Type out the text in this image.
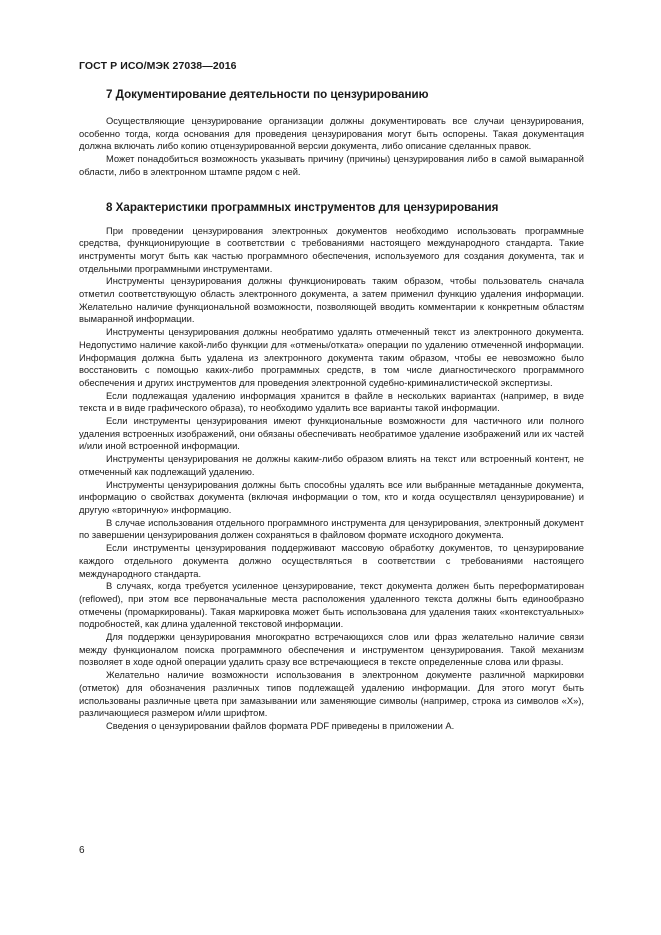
ГОСТ Р ИСО/МЭК 27038—2016
7 Документирование деятельности по цензурированию

Осуществляющие цензурирование организации должны документировать все случаи цензурирования, особенно тогда, когда основания для проведения цензурирования могут быть оспорены. Такая документация должна включать либо копию отцензурированной версии документа, либо описание сделанных правок.

Может понадобиться возможность указывать причину (причины) цензурирования либо в самой вымаранной области, либо в электронном штампе рядом с ней.

8 Характеристики программных инструментов для цензурирования

При проведении цензурирования электронных документов необходимо использовать программные средства, функционирующие в соответствии с требованиями настоящего международного стандарта. Такие инструменты могут быть как частью программного обеспечения, используемого для создания документа, так и отдельными программными инструментами.

Инструменты цензурирования должны функционировать таким образом, чтобы пользователь сначала отметил соответствующую область электронного документа, а затем применил функцию удаления информации. Желательно наличие функциональной возможности, позволяющей вводить комментарии к конкретным областям вымаранной информации.

Инструменты цензурирования должны необратимо удалять отмеченный текст из электронного документа. Недопустимо наличие какой-либо функции для «отмены/отката» операции по удалению отмеченной информации. Информация должна быть удалена из электронного документа таким образом, чтобы ее невозможно было восстановить с помощью каких-либо программных средств, в том числе диагностического программного обеспечения и других инструментов для проведения электронной судебно-криминалистической экспертизы.

Если подлежащая удалению информация хранится в файле в нескольких вариантах (например, в виде текста и в виде графического образа), то необходимо удалить все варианты такой информации.

Если инструменты цензурирования имеют функциональные возможности для частичного или полного удаления встроенных изображений, они обязаны обеспечивать необратимое удаление изображений или их частей и/или иной встроенной информации.

Инструменты цензурирования не должны каким-либо образом влиять на текст или встроенный контент, не отмеченный как подлежащий удалению.

Инструменты цензурирования должны быть способны удалять все или выбранные метаданные документа, информацию о свойствах документа (включая информации о том, кто и когда осуществлял цензурирование) и другую «вторичную» информацию.

В случае использования отдельного программного инструмента для цензурирования, электронный документ по завершении цензурирования должен сохраняться в файловом формате исходного документа.

Если инструменты цензурирования поддерживают массовую обработку документов, то цензурирование каждого отдельного документа должно осуществляться в соответствии с требованиями настоящего международного стандарта.

В случаях, когда требуется усиленное цензурирование, текст документа должен быть переформатирован (reflowed), при этом все первоначальные места расположения удаленного текста должны быть единообразно отмечены (промаркированы). Такая маркировка может быть использована для удаления таких «контекстуальных» подробностей, как длина удаленной текстовой информации.

Для поддержки цензурирования многократно встречающихся слов или фраз желательно наличие связи между функционалом поиска программного обеспечения и инструментом цензурирования. Такой механизм позволяет в ходе одной операции удалить сразу все встречающиеся в тексте определенные слова или фразы.

Желательно наличие возможности использования в электронном документе различной маркировки (отметок) для обозначения различных типов подлежащей удалению информации. Для этого могут быть использованы различные цвета при замазывании или заменяющие символы (например, строка из символов «Х»), различающиеся размером и/или шрифтом.

Сведения о цензурировании файлов формата PDF приведены в приложении А.

6
